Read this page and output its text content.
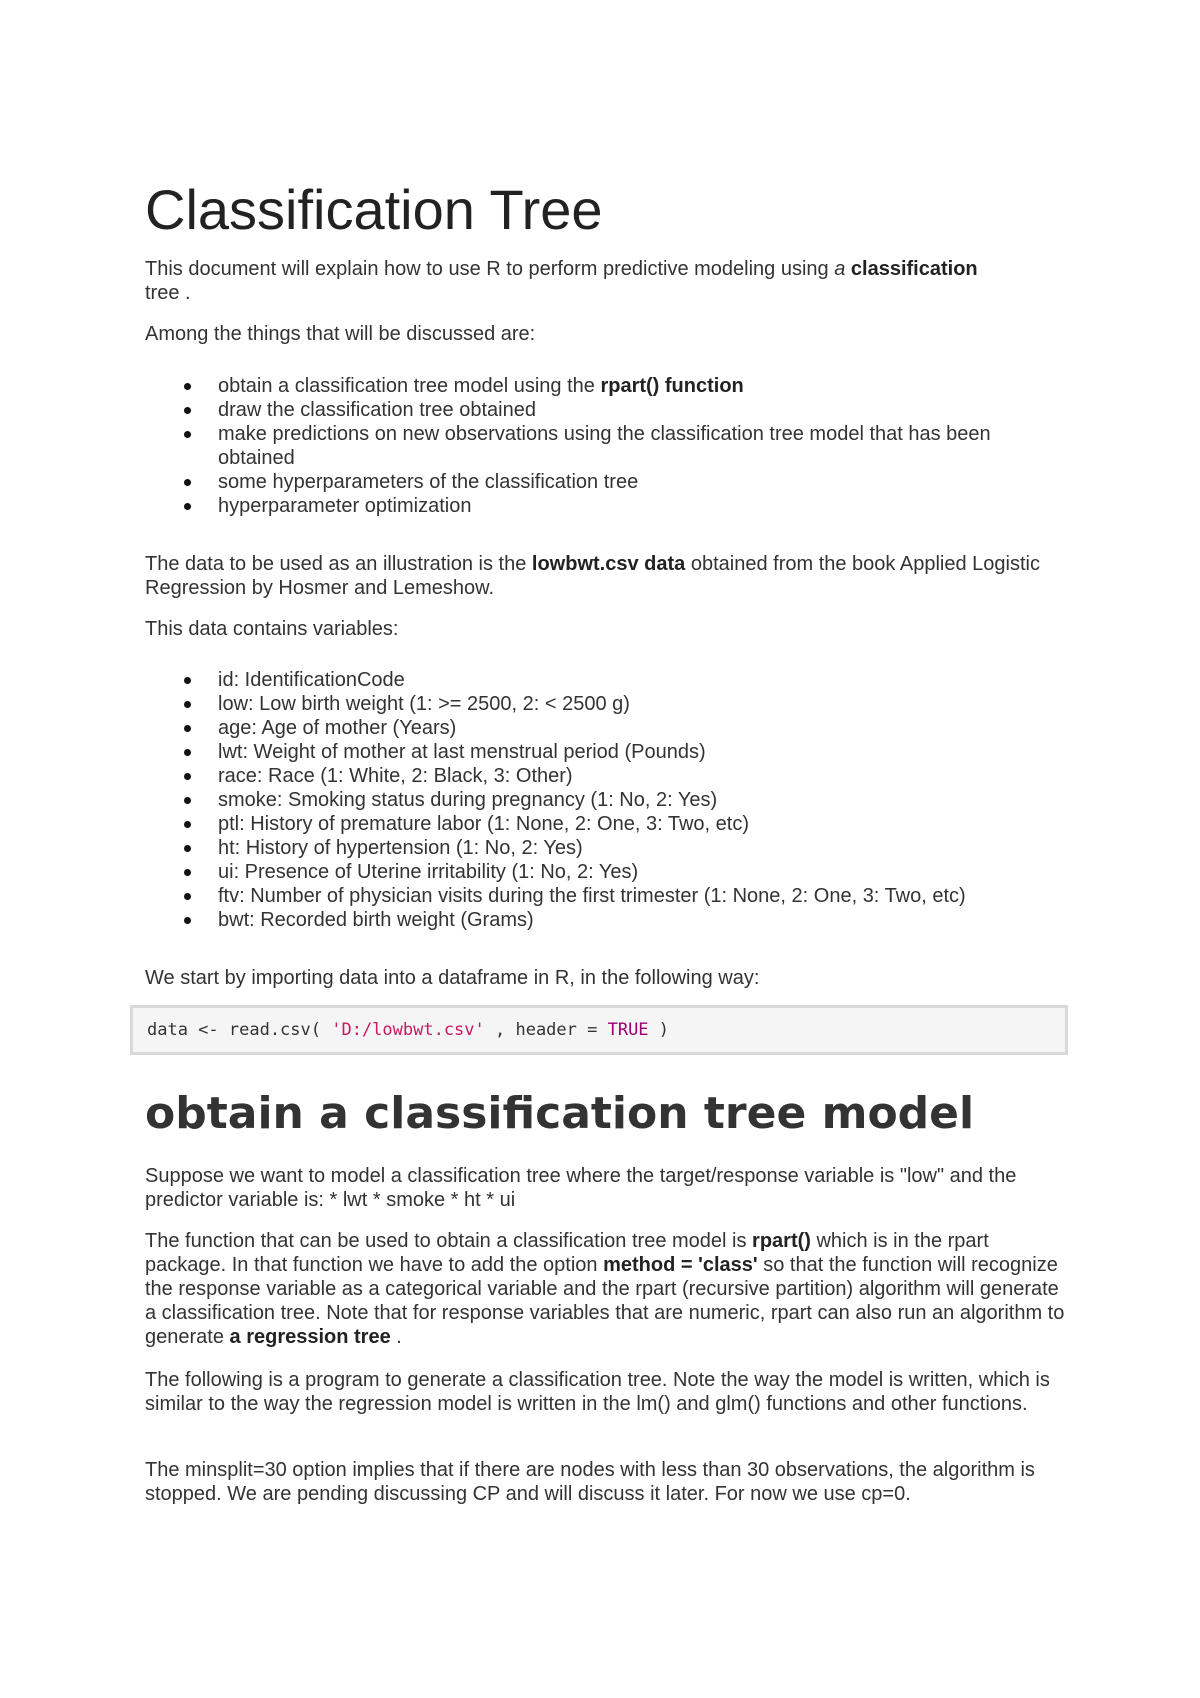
Classification Tree

This document will explain how to use R to perform predictive modeling using a classification
tree .

Among the things that will be discussed are:

obtain a classification tree model using the rpart() function
draw the classification tree obtained
make predictions on new observations using the classification tree model that has been obtained
some hyperparameters of the classification tree
hyperparameter optimization

The data to be used as an illustration is the lowbwt.csv data obtained from the book Applied Logistic Regression by Hosmer and Lemeshow.

This data contains variables:

id: IdentificationCode
low: Low birth weight (1: >= 2500, 2: < 2500 g)
age: Age of mother (Years)
lwt: Weight of mother at last menstrual period (Pounds)
race: Race (1: White, 2: Black, 3: Other)
smoke: Smoking status during pregnancy (1: No, 2: Yes)
ptl: History of premature labor (1: None, 2: One, 3: Two, etc)
ht: History of hypertension (1: No, 2: Yes)
ui: Presence of Uterine irritability (1: No, 2: Yes)
ftv: Number of physician visits during the first trimester (1: None, 2: One, 3: Two, etc)
bwt: Recorded birth weight (Grams)

We start by importing data into a dataframe in R, in the following way:

data <- read.csv( 'D:/lowbwt.csv' , header = TRUE )
obtain a classification tree model

Suppose we want to model a classification tree where the target/response variable is "low" and the predictor variable is: * lwt * smoke * ht * ui

The function that can be used to obtain a classification tree model is rpart() which is in the rpart package. In that function we have to add the option method = 'class' so that the function will recognize the response variable as a categorical variable and the rpart (recursive partition) algorithm will generate a classification tree. Note that for response variables that are numeric, rpart can also run an algorithm to generate a regression tree .

The following is a program to generate a classification tree. Note the way the model is written, which is similar to the way the regression model is written in the lm() and glm() functions and other functions.

The minsplit=30 option implies that if there are nodes with less than 30 observations, the algorithm is stopped. We are pending discussing CP and will discuss it later. For now we use cp=0.
